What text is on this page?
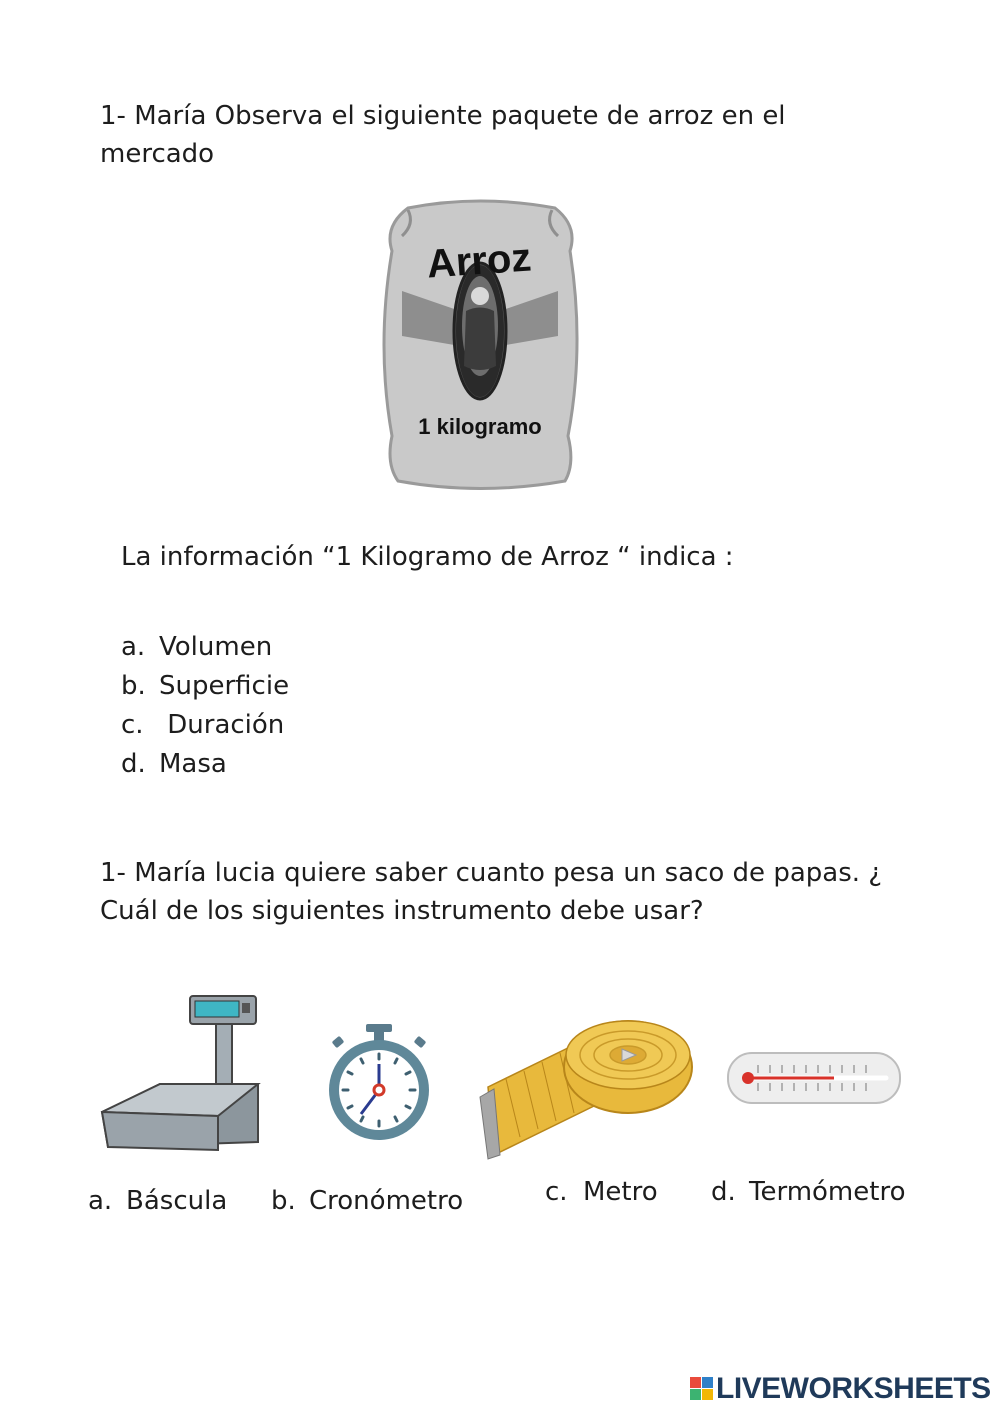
1- María Observa el siguiente paquete de arroz en el mercado
Arroz
1 kilogramo
La información “1 Kilogramo de Arroz “ indica :
a. Volumen
b. Superficie
c. Duración
d. Masa
1- María lucia quiere saber cuanto pesa un saco de papas. ¿ Cuál de los siguientes instrumento debe usar?
a. Báscula b. Cronómetro	c. Metro d. Termómetro
LIVEWORKSHEETS
